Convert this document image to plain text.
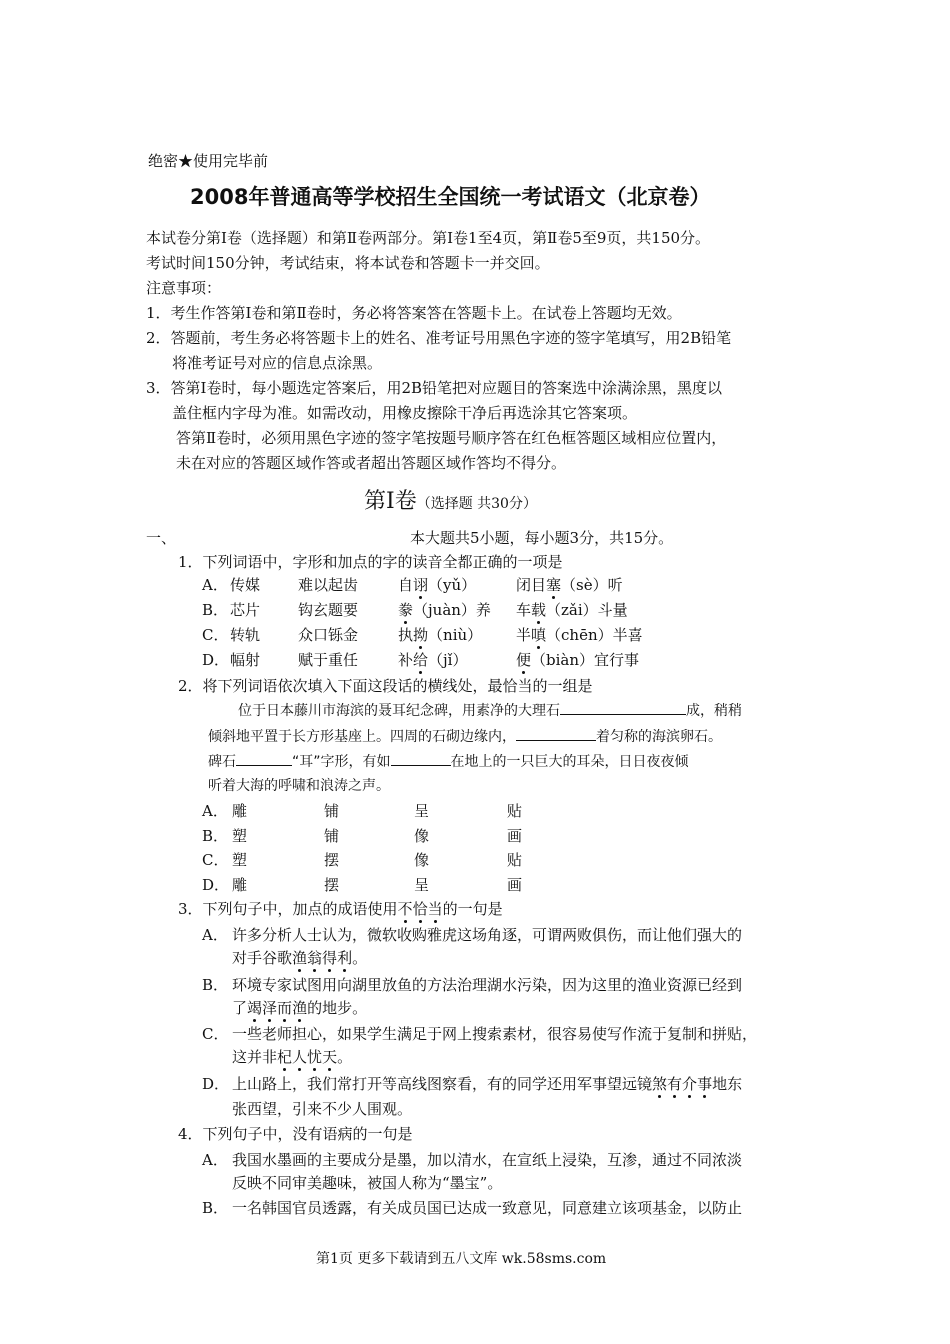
绝密★使用完毕前
2008年普通高等学校招生全国统一考试语文（北京卷）
本试卷分第Ⅰ卷（选择题）和第Ⅱ卷两部分。第Ⅰ卷1至4页，第Ⅱ卷5至9页，共150分。
考试时间150分钟，考试结束，将本试卷和答题卡一并交回。
注意事项：
1．考生作答第Ⅰ卷和第Ⅱ卷时，务必将答案答在答题卡上。在试卷上答题均无效。
2．答题前，考生务必将答题卡上的姓名、准考证号用黑色字迹的签字笔填写，用2B铅笔
将准考证号对应的信息点涂黑。
3．答第Ⅰ卷时，每小题选定答案后，用2B铅笔把对应题目的答案选中涂满涂黑，黑度以
盖住框内字母为准。如需改动，用橡皮擦除干净后再选涂其它答案项。
答第Ⅱ卷时，必须用黑色字迹的签字笔按题号顺序答在红色框答题区域相应位置内，
未在对应的答题区域作答或者超出答题区域作答均不得分。
第Ⅰ卷（选择题 共30分）
一、	本大题共5小题，每小题3分，共15分。
1．下列词语中，字形和加点的字的读音全都正确的一项是
A． 传媒	难以起齿	自诩（yǔ）	闭目塞（sè）听
B． 芯片	钩玄题要	豢（juàn）养 车载（zǎi）斗量
C． 转轨	众口铄金	执拗（niù） 半嗔（chēn）半喜
D． 幅射	赋于重任	补给（jǐ）	便（biàn）宜行事
2．将下列词语依次填入下面这段话的横线处，最恰当的一组是
位于日本藤川市海滨的聂耳纪念碑，用素净的大理石	成，稍稍
倾斜地平置于长方形基座上。四周的石砌边缘内，	着匀称的海滨卵石。
碑石	“耳”字形，有如	在地上的一只巨大的耳朵，日日夜夜倾
听着大海的呼啸和浪涛之声。
A． 雕	铺	呈	贴
B． 塑	铺	像	画
C． 塑	摆	像	贴
D． 雕	摆	呈	画
3．下列句子中，加点的成语使用不恰当的一句是
A． 许多分析人士认为，微软收购雅虎这场角逐，可谓两败俱伤，而让他们强大的
对手谷歌渔翁得利。
B． 环境专家试图用向湖里放鱼的方法治理湖水污染，因为这里的渔业资源已经到
了竭泽而渔的地步。
C． 一些老师担心，如果学生满足于网上搜索素材，很容易使写作流于复制和拼贴，
这并非杞人忧天。
D． 上山路上，我们常打开等高线图察看，有的同学还用军事望远镜煞有介事地东
张西望，引来不少人围观。
4．下列句子中，没有语病的一句是
A． 我国水墨画的主要成分是墨，加以清水，在宣纸上浸染，互渗，通过不同浓淡
反映不同审美趣味，被国人称为“墨宝”。
B． 一名韩国官员透露，有关成员国已达成一致意见，同意建立该项基金，以防止
第1页 更多下载请到五八文库 wk.58sms.com
